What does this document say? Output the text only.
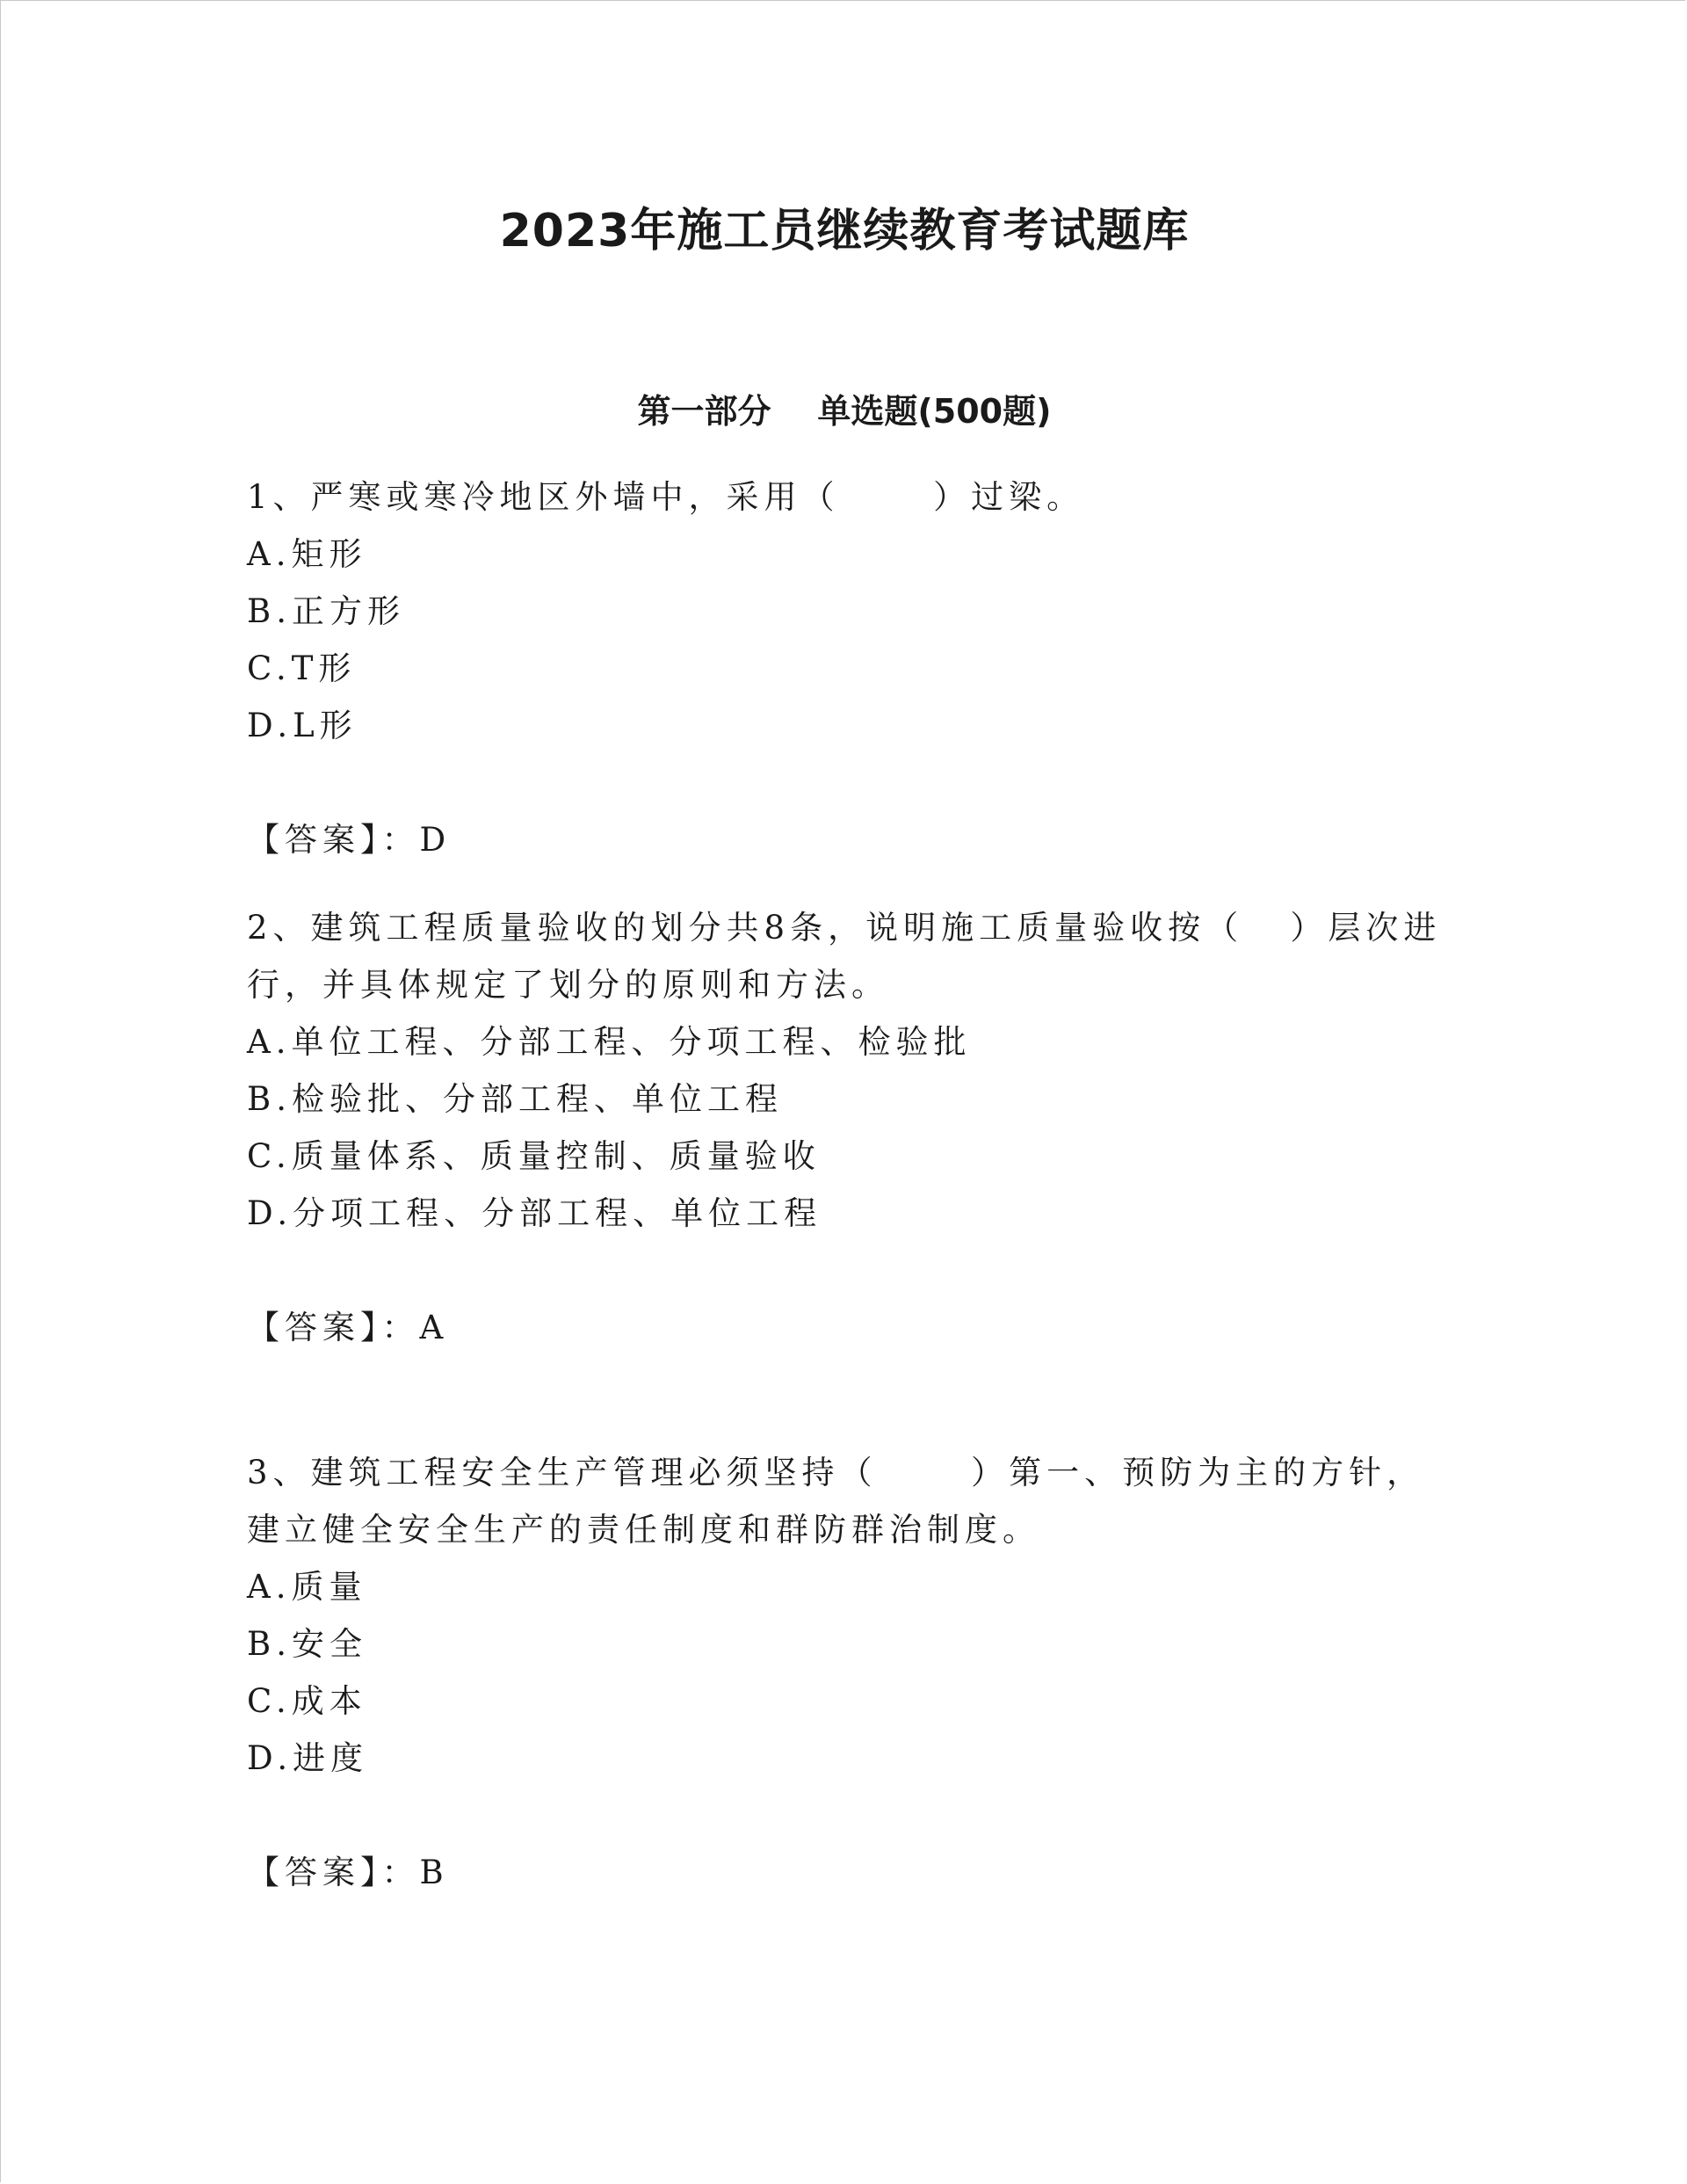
2023年施工员继续教育考试题库
第一部分    单选题(500题)
1、严寒或寒冷地区外墙中，采用（      ）过梁。
A.矩形
B.正方形
C.T形
D.L形
【答案】：D
2、建筑工程质量验收的划分共8条，说明施工质量验收按（   ）层次进行，并具体规定了划分的原则和方法。
A.单位工程、分部工程、分项工程、检验批
B.检验批、分部工程、单位工程
C.质量体系、质量控制、质量验收
D.分项工程、分部工程、单位工程
【答案】：A
3、建筑工程安全生产管理必须坚持（      ）第一、预防为主的方针，建立健全安全生产的责任制度和群防群治制度。
A.质量
B.安全
C.成本
D.进度
【答案】：B
